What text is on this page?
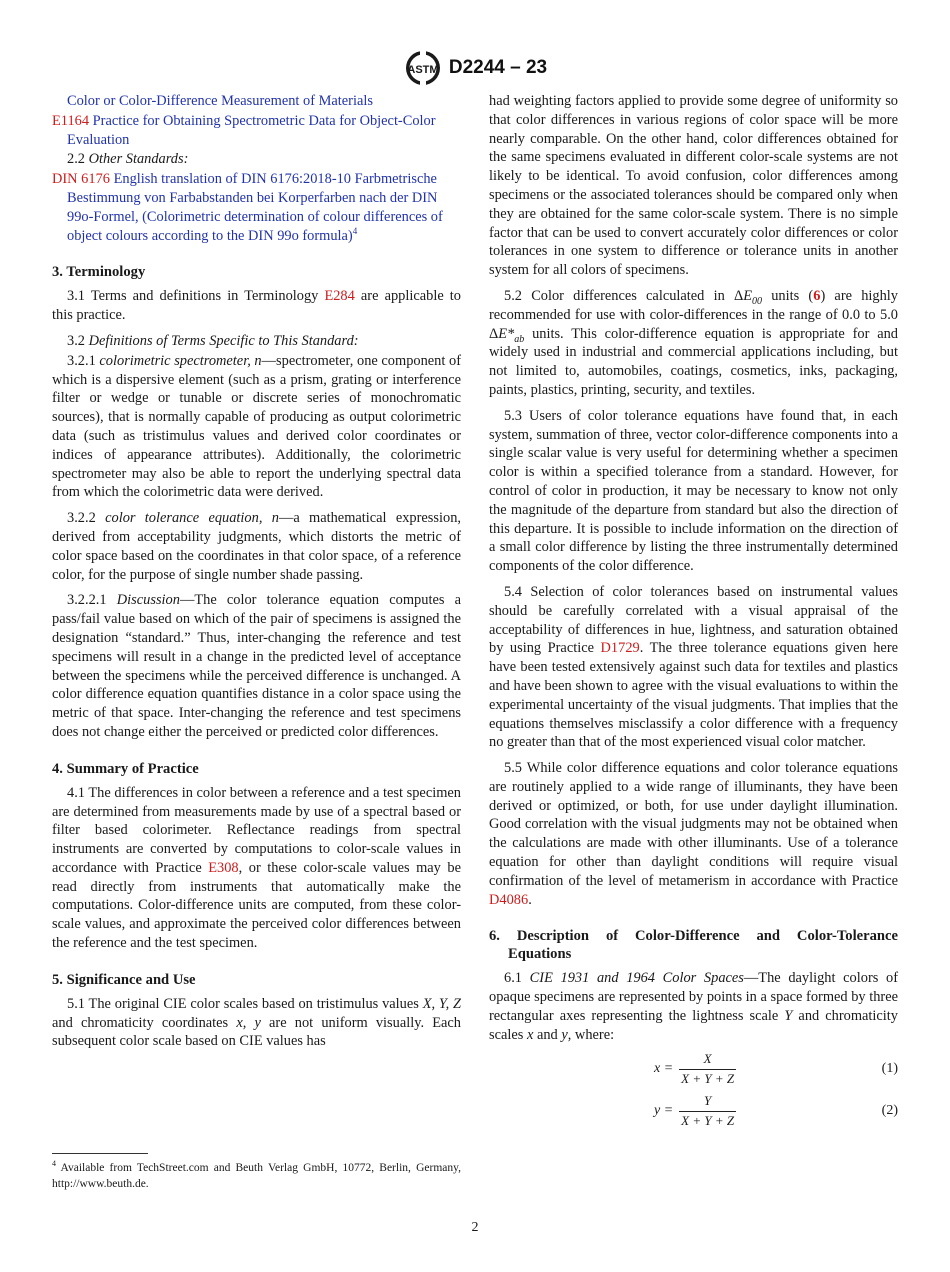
ASTM D2244 – 23
Color or Color-Difference Measurement of Materials
E1164 Practice for Obtaining Spectrometric Data for Object-Color Evaluation
2.2 Other Standards:
DIN 6176 English translation of DIN 6176:2018-10 Farbmetrische Bestimmung von Farbabstanden bei Korperfarben nach der DIN 99o-Formel, (Colorimetric determination of colour differences of object colours according to the DIN 99o formula)$^4$
3. Terminology

3.1 Terms and definitions in Terminology E284 are applicable to this practice.

3.2 Definitions of Terms Specific to This Standard:

3.2.1 colorimetric spectrometer, n—spectrometer, one component of which is a dispersive element (such as a prism, grating or interference filter or wedge or tunable or discrete series of monochromatic sources), that is normally capable of producing as output colorimetric data (such as tristimulus values and derived color coordinates or indices of appearance attributes). Additionally, the colorimetric spectrometer may also be able to report the underlying spectral data from which the colorimetric data were derived.

3.2.2 color tolerance equation, n—a mathematical expression, derived from acceptability judgments, which distorts the metric of color space based on the coordinates in that color space, of a reference color, for the purpose of single number shade passing.

3.2.2.1 Discussion—The color tolerance equation computes a pass/fail value based on which of the pair of specimens is assigned the designation “standard.” Thus, inter-changing the reference and test specimens will result in a change in the predicted level of acceptance between the specimens while the perceived difference is unchanged. A color difference equation quantifies distance in a color space using the metric of that space. Inter-changing the reference and test specimens does not change either the perceived or predicted color differences.

4. Summary of Practice

4.1 The differences in color between a reference and a test specimen are determined from measurements made by use of a spectral based or filter based colorimeter. Reflectance readings from spectral instruments are converted by computations to color-scale values in accordance with Practice E308, or these color-scale values may be read directly from instruments that automatically make the computations. Color-difference units are computed, from these color-scale values, and approximate the perceived color differences between the reference and the test specimen.

5. Significance and Use

5.1 The original CIE color scales based on tristimulus values X, Y, Z and chromaticity coordinates x, y are not uniform visually. Each subsequent color scale based on CIE values has

had weighting factors applied to provide some degree of uniformity so that color differences in various regions of color space will be more nearly comparable. On the other hand, color differences obtained for the same specimens evaluated in different color-scale systems are not likely to be identical. To avoid confusion, color differences among specimens or the associated tolerances should be compared only when they are obtained for the same color-scale system. There is no simple factor that can be used to convert accurately color differences or color tolerances in one system to difference or tolerance units in another system for all colors of specimens.

5.2 Color differences calculated in $\Delta E_{00}$ units (6) are highly recommended for use with color-differences in the range of 0.0 to 5.0 $\Delta E*_{ab}$ units. This color-difference equation is appropriate for and widely used in industrial and commercial applications including, but not limited to, automobiles, coatings, cosmetics, inks, packaging, paints, plastics, printing, security, and textiles.

5.3 Users of color tolerance equations have found that, in each system, summation of three, vector color-difference components into a single scalar value is very useful for determining whether a specimen color is within a specified tolerance from a standard. However, for control of color in production, it may be necessary to know not only the magnitude of the departure from standard but also the direction of this departure. It is possible to include information on the direction of a small color difference by listing the three instrumentally determined components of the color difference.

5.4 Selection of color tolerances based on instrumental values should be carefully correlated with a visual appraisal of the acceptability of differences in hue, lightness, and saturation obtained by using Practice D1729. The three tolerance equations given here have been tested extensively against such data for textiles and plastics and have been shown to agree with the visual evaluations to within the experimental uncertainty of the visual judgments. That implies that the equations themselves misclassify a color difference with a frequency no greater than that of the most experienced visual color matcher.

5.5 While color difference equations and color tolerance equations are routinely applied to a wide range of illuminants, they have been derived or optimized, or both, for use under daylight illumination. Good correlation with the visual judgments may not be obtained when the calculations are made with other illuminants. Use of a tolerance equation for other than daylight conditions will require visual confirmation of the level of metamerism in accordance with Practice D4086.

6. Description of Color-Difference and Color-Tolerance Equations

6.1 CIE 1931 and 1964 Color Spaces—The daylight colors of opaque specimens are represented by points in a space formed by three rectangular axes representing the lightness scale Y and chromaticity scales x and y, where:

$x = \frac{X}{X + Y + Z}$	(1)
$y = \frac{Y}{X + Y + Z}$	(2)
$^4$ Available from TechStreet.com and Beuth Verlag GmbH, 10772, Berlin, Germany, http://www.beuth.de.
2
